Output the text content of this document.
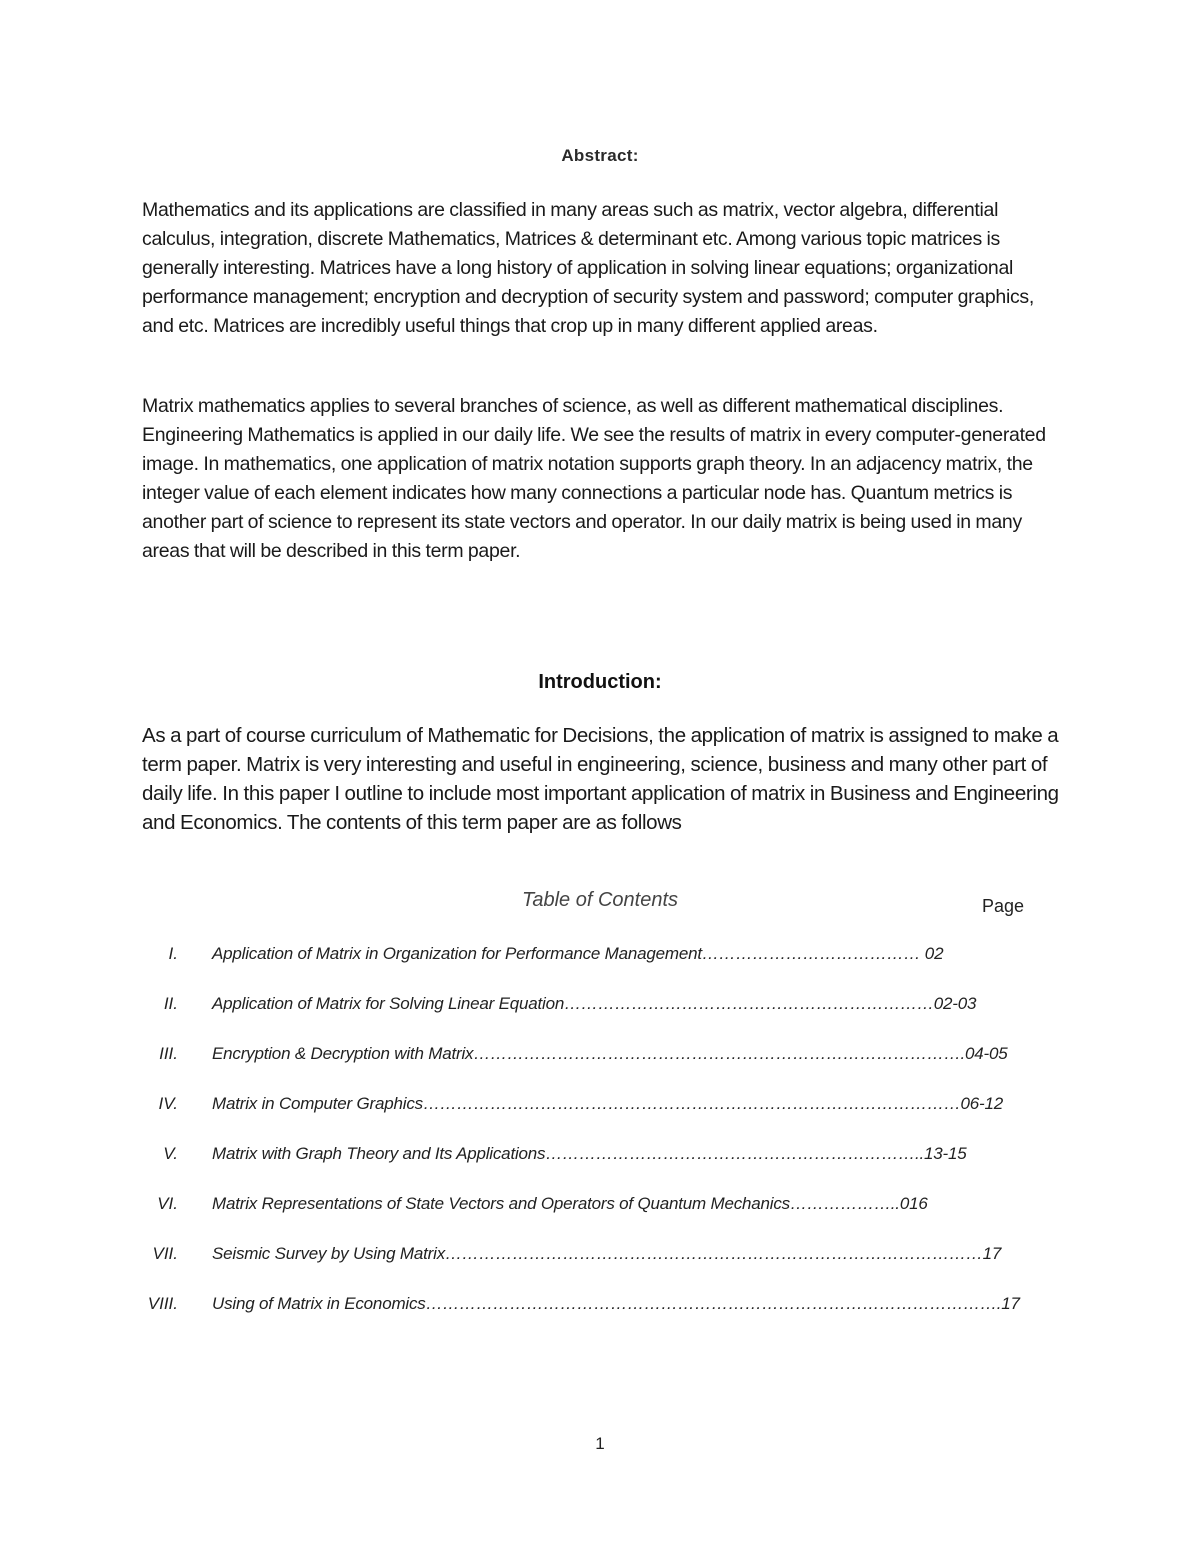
Abstract:

Mathematics and its applications are classified in many areas such as matrix, vector algebra, differential calculus, integration, discrete Mathematics, Matrices & determinant etc. Among various topic matrices is generally interesting. Matrices have a long history of application in solving linear equations; organizational performance management; encryption and decryption of security system and password; computer graphics, and etc. Matrices are incredibly useful things that crop up in many different applied areas.

Matrix mathematics applies to several branches of science, as well as different mathematical disciplines. Engineering Mathematics is applied in our daily life. We see the results of matrix in every computer-generated image. In mathematics, one application of matrix notation supports graph theory. In an adjacency matrix, the integer value of each element indicates how many connections a particular node has. Quantum metrics is another part of science to represent its state vectors and operator. In our daily matrix is being used in many areas that will be described in this term paper.

Introduction:

As a part of course curriculum of Mathematic for Decisions, the application of matrix is assigned to make a term paper. Matrix is very interesting and useful in engineering, science, business and many other part of daily life. In this paper I outline to include most important application of matrix in Business and Engineering and Economics. The contents of this term paper are as follows

Table of Contents	Page
I. Application of Matrix in Organization for Performance Management………………………………… 02
II. Application of Matrix for Solving Linear Equation…………………………………………………………02-03
III. Encryption & Decryption with Matrix…………………………………………………………………………….04-05
IV. Matrix in Computer Graphics……………………………………………………………………………………06-12
V. Matrix with Graph Theory and Its Applications…………………………………………………………..13-15
VI. Matrix Representations of State Vectors and Operators of Quantum Mechanics………………..016
VII. Seismic Survey by Using Matrix……………………………………………………………………………………17
VIII. Using of Matrix in Economics………………………………………………………………………………………….17
1
